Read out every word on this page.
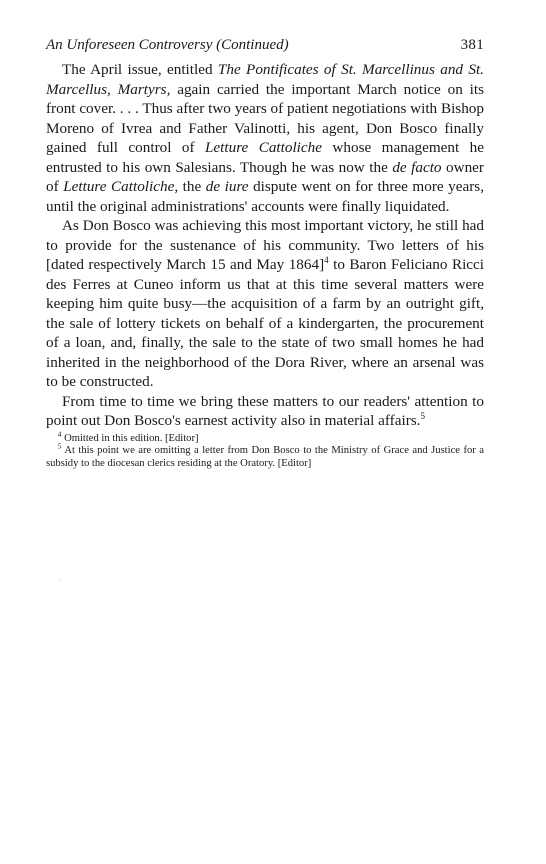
An Unforeseen Controversy (Continued)	381

The April issue, entitled The Pontificates of St. Marcellinus and St. Marcellus, Martyrs, again carried the important March notice on its front cover. . . . Thus after two years of patient negotiations with Bishop Moreno of Ivrea and Father Valinotti, his agent, Don Bosco finally gained full control of Letture Cattoliche whose management he entrusted to his own Salesians. Though he was now the de facto owner of Letture Cattoliche, the de iure dispute went on for three more years, until the original administrations' accounts were finally liquidated.

As Don Bosco was achieving this most important victory, he still had to provide for the sustenance of his community. Two letters of his [dated respectively March 15 and May 1864]$^4$ to Baron Feliciano Ricci des Ferres at Cuneo inform us that at this time several matters were keeping him quite busy—the acquisition of a farm by an outright gift, the sale of lottery tickets on behalf of a kindergarten, the procurement of a loan, and, finally, the sale to the state of two small homes he had inherited in the neighborhood of the Dora River, where an arsenal was to be constructed.

From time to time we bring these matters to our readers' attention to point out Don Bosco's earnest activity also in material affairs.$^5$

$^4$ Omitted in this edition. [Editor]

$^5$ At this point we are omitting a letter from Don Bosco to the Ministry of Grace and Justice for a subsidy to the diocesan clerics residing at the Oratory. [Editor]
